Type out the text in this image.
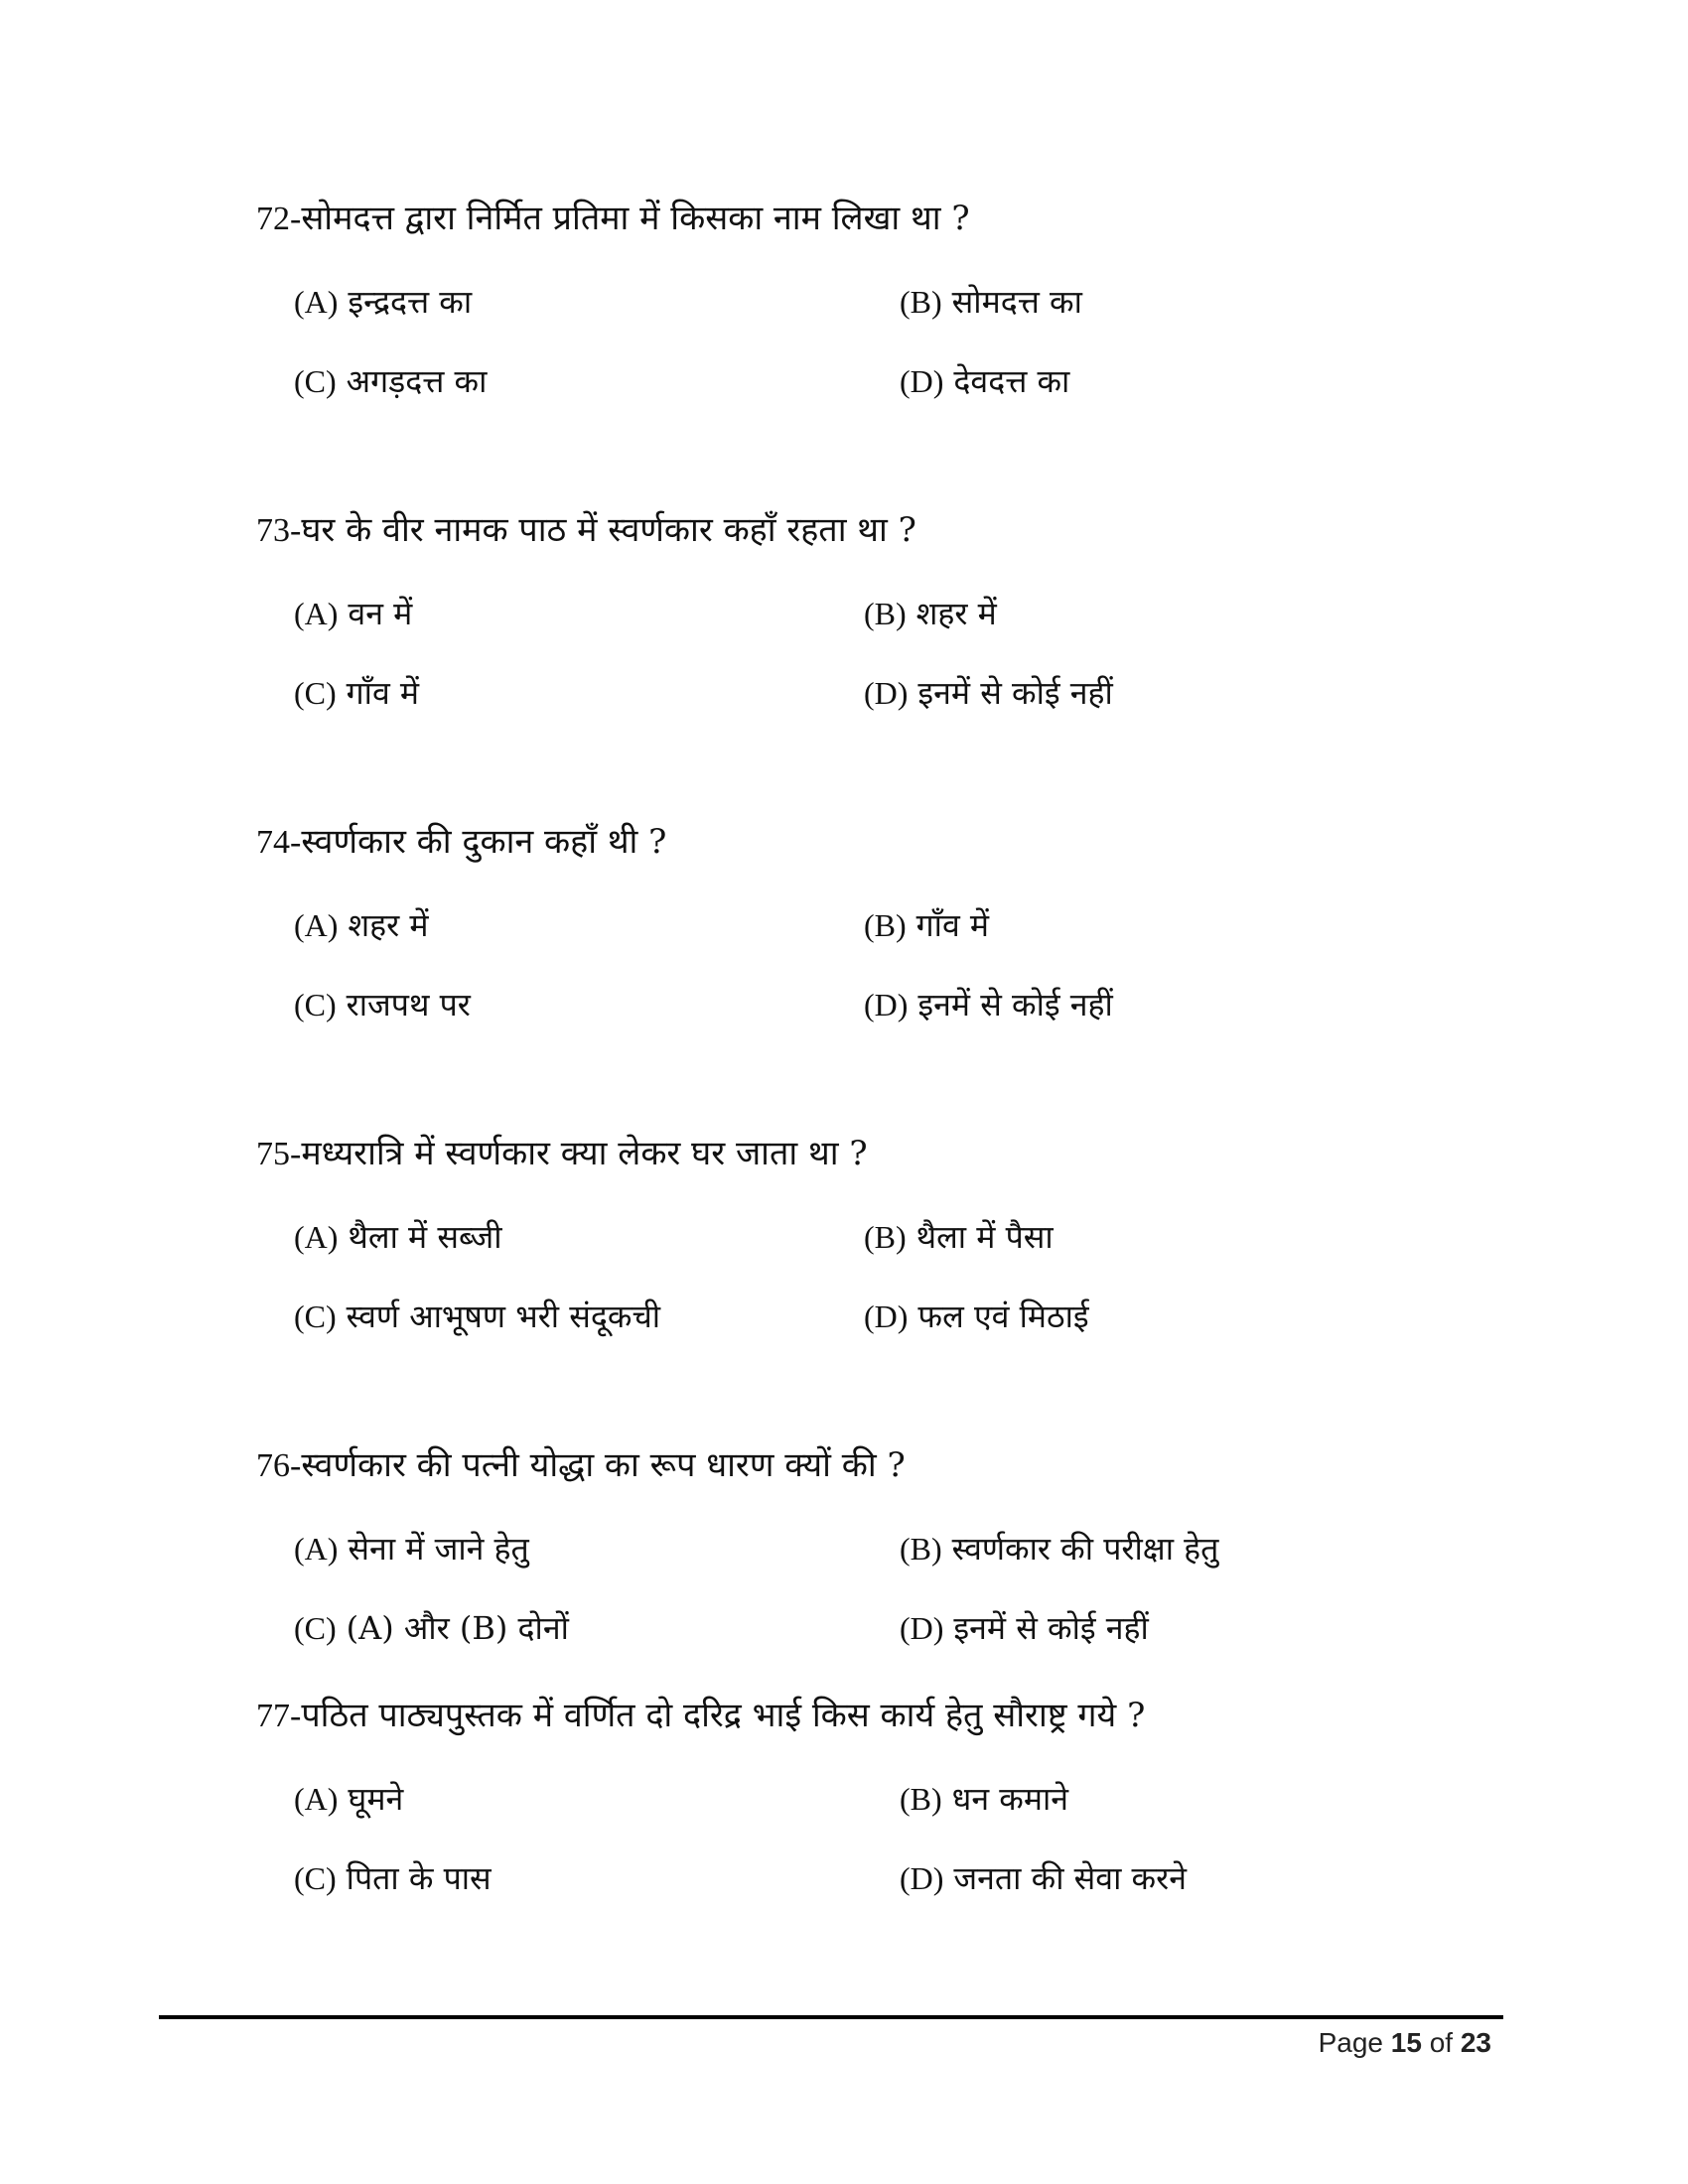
72-सोमदत्त द्वारा निर्मित प्रतिमा में किसका नाम लिखा था ?
(A) इन्द्रदत्त का	(B) सोमदत्त का
(C) अगड़दत्त का	(D) देवदत्त का
73-घर के वीर नामक पाठ में स्वर्णकार कहाँ रहता था ?
(A) वन में	(B) शहर में
(C) गाँव में	(D) इनमें से कोई नहीं
74-स्वर्णकार की दुकान कहाँ थी ?
(A) शहर में	(B) गाँव में
(C) राजपथ पर	(D) इनमें से कोई नहीं
75-मध्यरात्रि में स्वर्णकार क्या लेकर घर जाता था ?
(A) थैला में सब्जी	(B) थैला में पैसा
(C) स्वर्ण आभूषण भरी संदूकची	(D) फल एवं मिठाई
76-स्वर्णकार की पत्नी योद्धा का रूप धारण क्यों की ?
(A) सेना में जाने हेतु	(B) स्वर्णकार की परीक्षा हेतु
(C) (A) और (B) दोनों	(D) इनमें से कोई नहीं
77-पठित पाठ्यपुस्तक में वर्णित दो दरिद्र भाई किस कार्य हेतु सौराष्ट्र गये ?
(A) घूमने	(B) धन कमाने
(C) पिता के पास	(D) जनता की सेवा करने
Page 15 of 23
